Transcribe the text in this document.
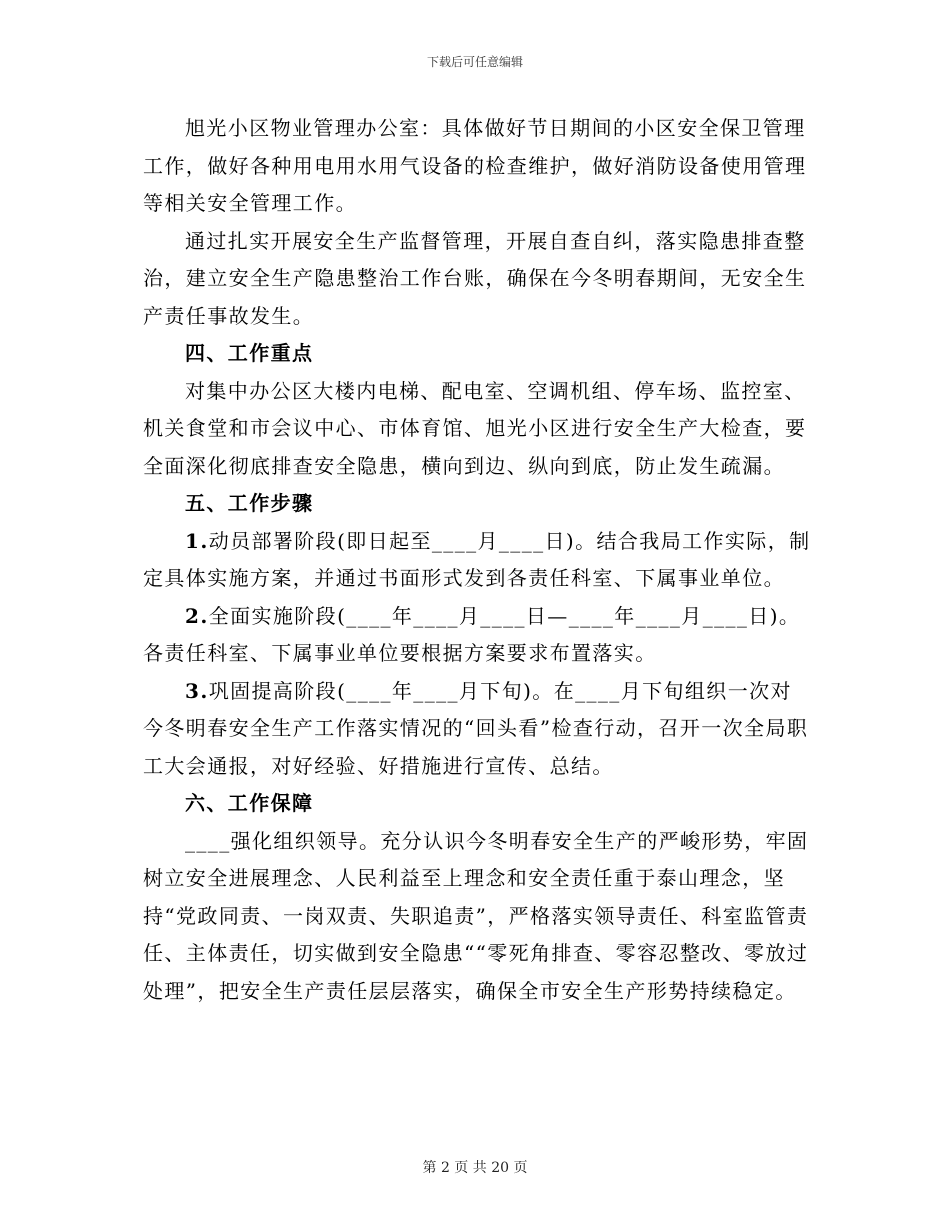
下载后可任意编辑

旭光小区物业管理办公室：具体做好节日期间的小区安全保卫管理工作，做好各种用电用水用气设备的检查维护，做好消防设备使用管理等相关安全管理工作。

通过扎实开展安全生产监督管理，开展自查自纠，落实隐患排查整治，建立安全生产隐患整治工作台账，确保在今冬明春期间，无安全生产责任事故发生。

四、工作重点

对集中办公区大楼内电梯、配电室、空调机组、停车场、监控室、机关食堂和市会议中心、市体育馆、旭光小区进行安全生产大检查，要全面深化彻底排查安全隐患，横向到边、纵向到底，防止发生疏漏。

五、工作步骤

1.动员部署阶段(即日起至____月____日)。结合我局工作实际，制定具体实施方案，并通过书面形式发到各责任科室、下属事业单位。

2.全面实施阶段(____年____月____日—____年____月____日)。各责任科室、下属事业单位要根据方案要求布置落实。

3.巩固提高阶段(____年____月下旬)。在____月下旬组织一次对今冬明春安全生产工作落实情况的“回头看”检查行动，召开一次全局职工大会通报，对好经验、好措施进行宣传、总结。

六、工作保障

____强化组织领导。充分认识今冬明春安全生产的严峻形势，牢固树立安全进展理念、人民利益至上理念和安全责任重于泰山理念，坚持“党政同责、一岗双责、失职追责”，严格落实领导责任、科室监管责任、主体责任，切实做到安全隐患““零死角排查、零容忍整改、零放过处理”，把安全生产责任层层落实，确保全市安全生产形势持续稳定。

第 2 页 共 20 页
